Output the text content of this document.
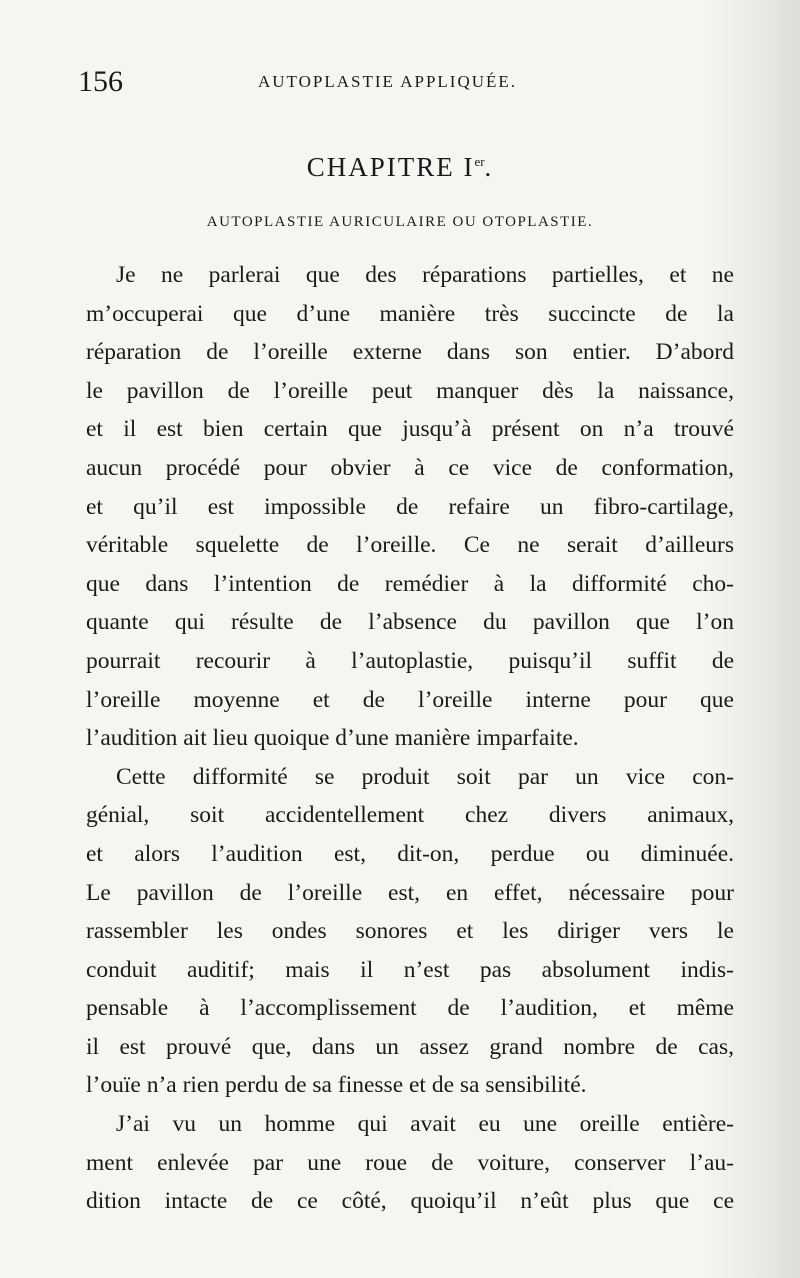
156	AUTOPLASTIE APPLIQUÉE.
CHAPITRE Ier.
AUTOPLASTIE AURICULAIRE OU OTOPLASTIE.
Je ne parlerai que des réparations partielles, et ne
m’occuperai que d’une manière très succincte de la
réparation de l’oreille externe dans son entier. D’abord
le pavillon de l’oreille peut manquer dès la naissance,
et il est bien certain que jusqu’à présent on n’a trouvé
aucun procédé pour obvier à ce vice de conformation,
et qu’il est impossible de refaire un fibro-cartilage,
véritable squelette de l’oreille. Ce ne serait d’ailleurs
que dans l’intention de remédier à la difformité cho-
quante qui résulte de l’absence du pavillon que l’on
pourrait recourir à l’autoplastie, puisqu’il suffit de
l’oreille moyenne et de l’oreille interne pour que
l’audition ait lieu quoique d’une manière imparfaite.
Cette difformité se produit soit par un vice con-
génial, soit accidentellement chez divers animaux,
et alors l’audition est, dit-on, perdue ou diminuée.
Le pavillon de l’oreille est, en effet, nécessaire pour
rassembler les ondes sonores et les diriger vers le
conduit auditif; mais il n’est pas absolument indis-
pensable à l’accomplissement de l’audition, et même
il est prouvé que, dans un assez grand nombre de cas,
l’ouïe n’a rien perdu de sa finesse et de sa sensibilité.
J’ai vu un homme qui avait eu une oreille entière-
ment enlevée par une roue de voiture, conserver l’au-
dition intacte de ce côté, quoiqu’il n’eût plus que ce
